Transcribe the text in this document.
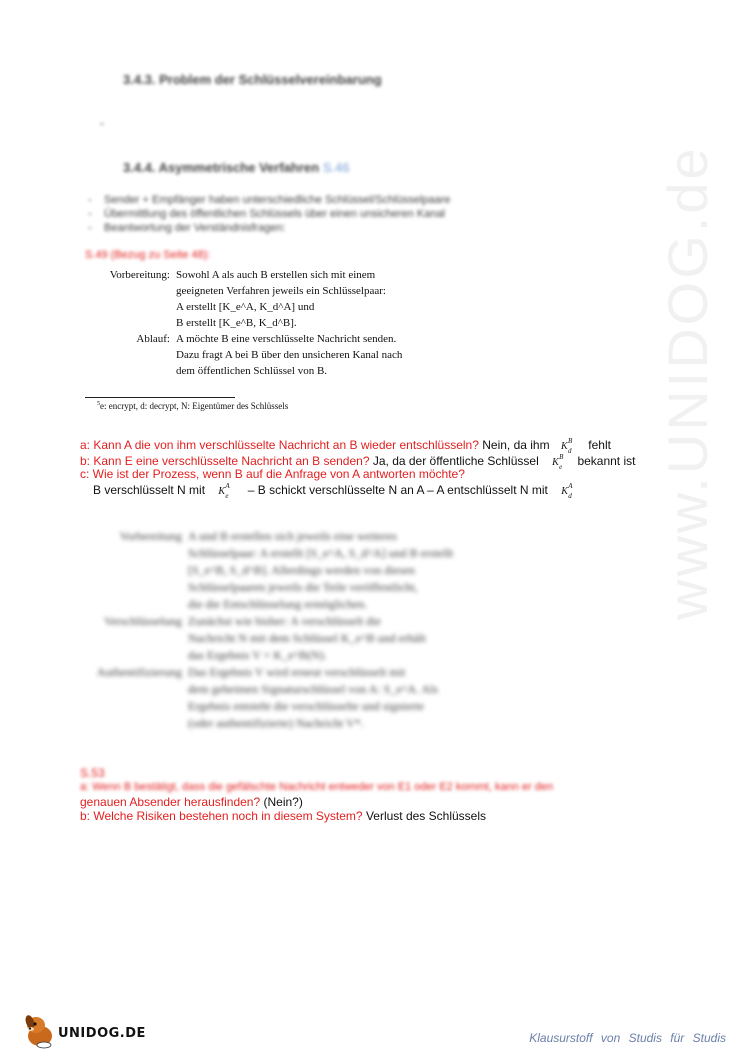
www.UNIDOG.de
3.4.3. Problem der Schlüsselvereinbarung
-
3.4.4. Asymmetrische Verfahren S.46
- Sender + Empfänger haben unterschiedliche Schlüssel/Schlüsselpaare
- Übermittlung des öffentlichen Schlüssels über einen unsicheren Kanal
- Beantwortung der Verständnisfragen:
S.49 (Bezug zu Seite 48):
Vorbereitung: Sowohl A als auch B erstellen sich mit einem
geeigneten Verfahren jeweils ein Schlüsselpaar:
A erstellt [K_e^A, K_d^A] und
B erstellt [K_e^B, K_d^B].
Ablauf: A möchte B eine verschlüsselte Nachricht senden.
Dazu fragt A bei B über den unsicheren Kanal nach
dem öffentlichen Schlüssel von B.
$^5$e: encrypt, d: decrypt, N: Eigentümer des Schlüssels
a: Kann A die von ihm verschlüsselte Nachricht an B wieder entschlüsseln? Nein, da ihm K B
d fehlt
b: Kann E eine verschlüsselte Nachricht an B senden? Ja, da der öffentliche Schlüssel K B
e bekannt ist
c: Wie ist der Prozess, wenn B auf die Anfrage von A antworten möchte?
B verschlüsselt N mit K A
e – B schickt verschlüsselte N an A – A entschlüsselt N mit K A
d
Vorbereitung A und B erstellen sich jeweils eine weiteres
Schlüsselpaar: A erstellt [S_e^A, S_d^A] und B erstellt
[S_e^B, S_d^B]. Allerdings werden von diesen
Schlüsselpaaren jeweils die Teile veröffentlicht,
die die Entschlüsselung ermöglichen.
Verschlüsselung Zunächst wie bisher: A verschlüsselt die
Nachricht N mit dem Schlüssel K_e^B und erhält
das Ergebnis V = K_e^B(N).
Authentifizierung Das Ergebnis V wird erneut verschlüsselt mit
dem geheimen Signaturschlüssel von A: S_e^A. Als
Ergebnis entsteht die verschlüsselte und signierte
(oder authentifizierte) Nachricht V*.
S.53
a: Wenn B bestätigt, dass die gefälschte Nachricht entweder von E1 oder E2 kommt, kann er den
genauen Absender herausfinden? (Nein?)
b: Welche Risiken bestehen noch in diesem System? Verlust des Schlüssels
UNIDOG.DE	Klausurstoff von Studis für Studis
